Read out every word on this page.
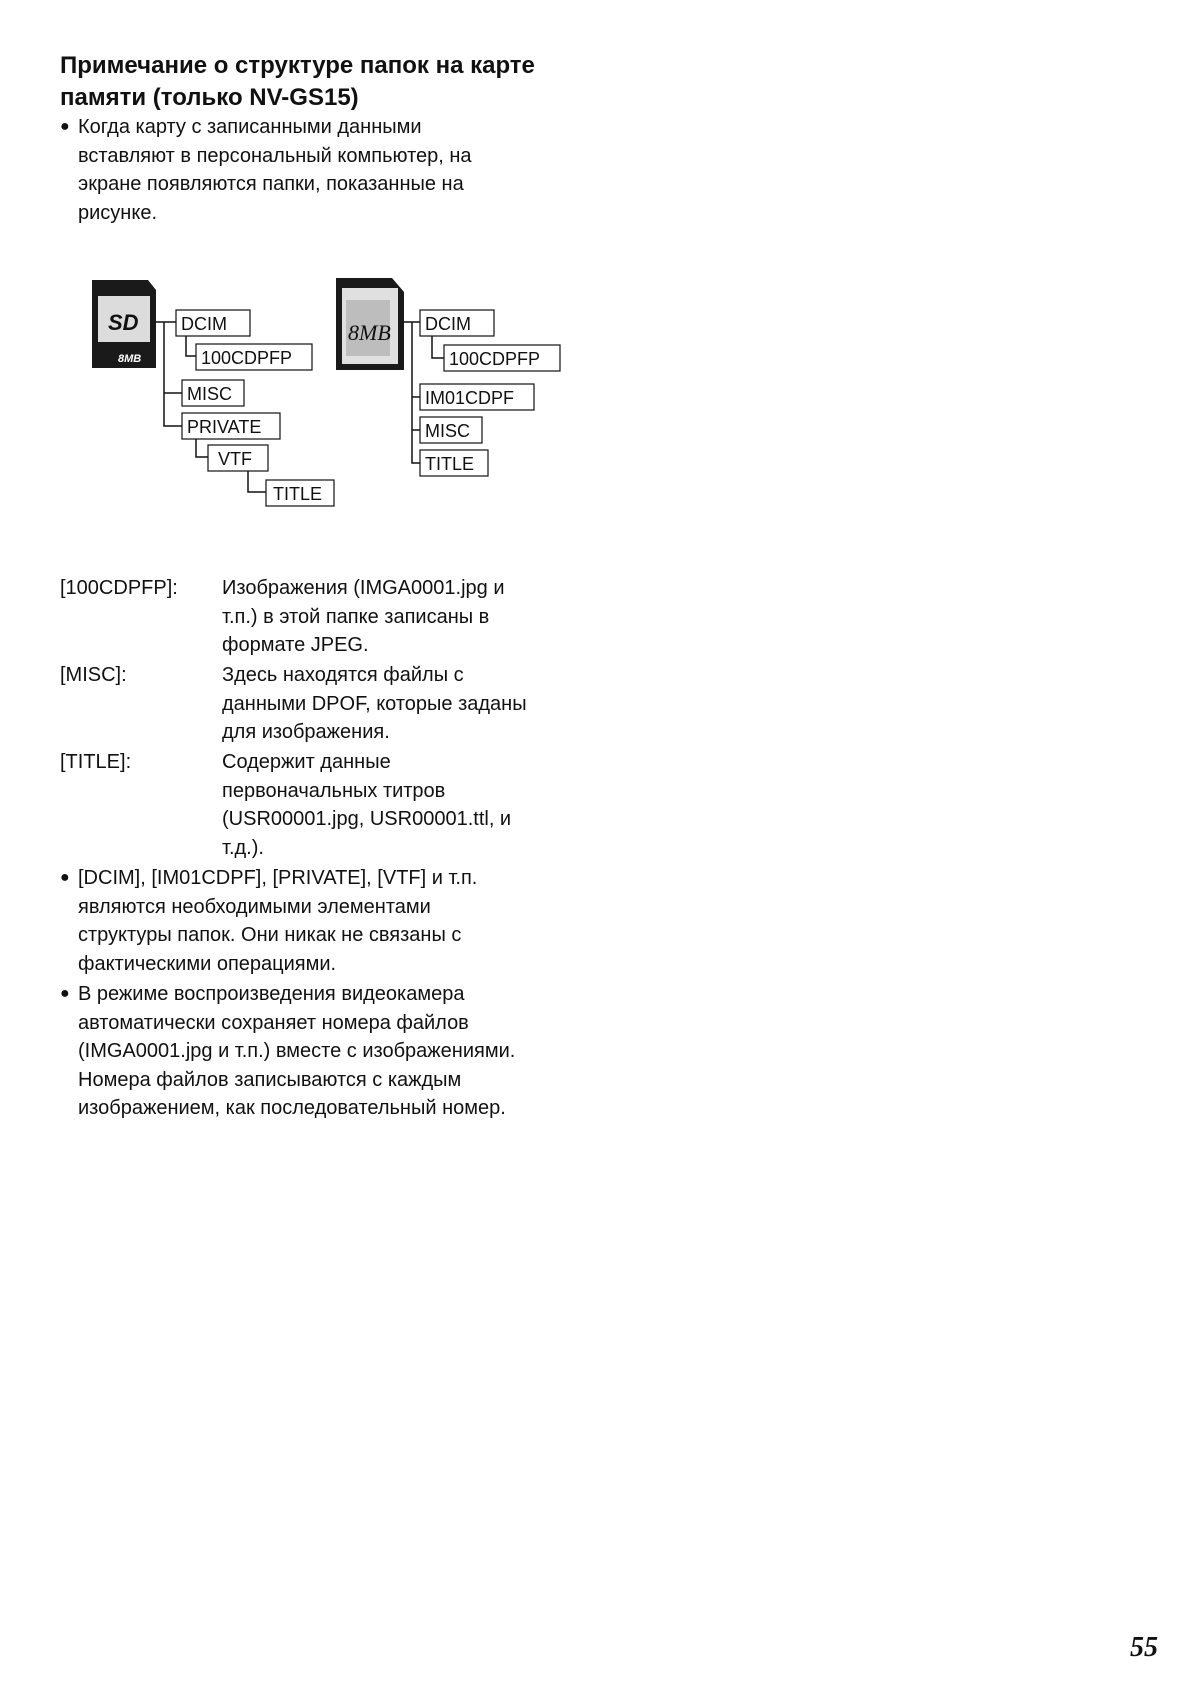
Примечание о структуре папок на карте памяти (только NV-GS15)
● Когда карту с записанными данными
вставляют в персональный компьютер, на
экране появляются папки, показанные на
рисунке.
SD
8MB
8MB
DCIM
100CDPFP
MISC
PRIVATE
VTF
TITLE
DCIM
100CDPFP
IM01CDPF
MISC
TITLE
[100CDPFP]: Изображения (IMGA0001.jpg и
т.п.) в этой папке записаны в
формате JPEG.
[MISC]:	Здесь находятся файлы с
данными DPOF, которые заданы
для изображения.
[TITLE]:	Содержит данные
первоначальных титров
(USR00001.jpg, USR00001.ttl, и
т.д.).
● [DCIM], [IM01CDPF], [PRIVATE], [VTF] и т.п.
являются необходимыми элементами
структуры папок. Они никак не связаны с
фактическими операциями.
● В режиме воспроизведения видеокамера
автоматически сохраняет номера файлов
(IMGA0001.jpg и т.п.) вместе с изображениями.
Номера файлов записываются с каждым
изображением, как последовательный номер.
55
